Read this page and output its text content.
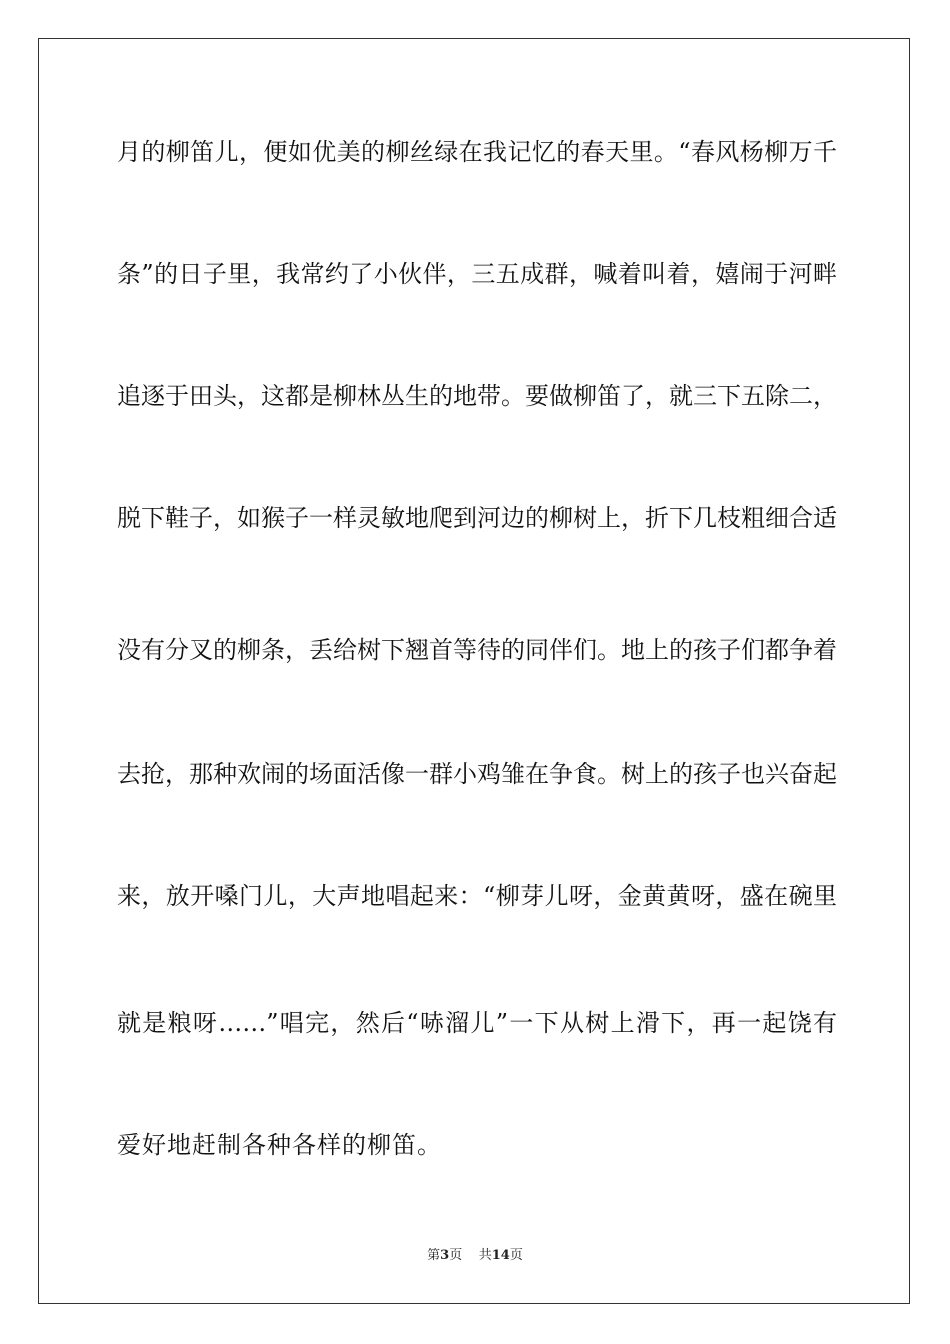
月的柳笛儿，便如优美的柳丝绿在我记忆的春天里。“春风杨柳万千
条”的日子里，我常约了小伙伴，三五成群，喊着叫着，嬉闹于河畔
追逐于田头，这都是柳林丛生的地带。要做柳笛了，就三下五除二，
脱下鞋子，如猴子一样灵敏地爬到河边的柳树上，折下几枝粗细合适
没有分叉的柳条，丢给树下翘首等待的同伴们。地上的孩子们都争着
去抢，那种欢闹的场面活像一群小鸡雏在争食。树上的孩子也兴奋起
来，放开嗓门儿，大声地唱起来：“柳芽儿呀，金黄黄呀，盛在碗里
就是粮呀……”唱完，然后“哧溜儿”一下从树上滑下，再一起饶有
爱好地赶制各种各样的柳笛。
第3页 共14页
